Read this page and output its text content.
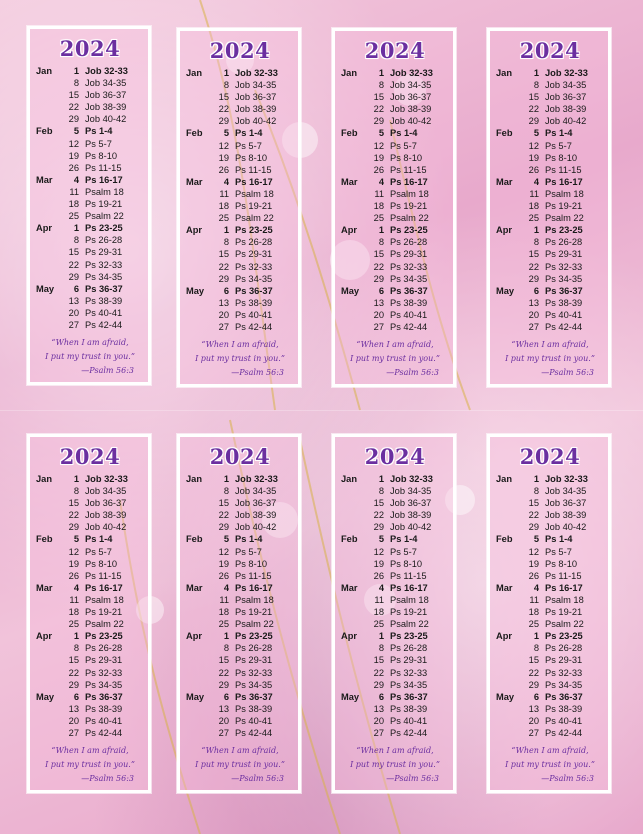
2024
Jan	1 Job 32-33
8 Job 34-35
15 Job 36-37
22 Job 38-39
29 Job 40-42
Feb	5 Ps 1-4
12 Ps 5-7
19 Ps 8-10
26 Ps 11-15
Mar	4 Ps 16-17
11 Psalm 18
18 Ps 19-21
25 Psalm 22
Apr	1 Ps 23-25
8 Ps 26-28
15 Ps 29-31
22 Ps 32-33
29 Ps 34-35
May	6 Ps 36-37
13 Ps 38-39
20 Ps 40-41
27 Ps 42-44
“When I am afraid,
I put my trust in you.”
—Psalm 56:3
2024
Jan	1 Job 32-33
8 Job 34-35
15 Job 36-37
22 Job 38-39
29 Job 40-42
Feb	5 Ps 1-4
12 Ps 5-7
19 Ps 8-10
26 Ps 11-15
Mar	4 Ps 16-17
11 Psalm 18
18 Ps 19-21
25 Psalm 22
Apr	1 Ps 23-25
8 Ps 26-28
15 Ps 29-31
22 Ps 32-33
29 Ps 34-35
May	6 Ps 36-37
13 Ps 38-39
20 Ps 40-41
27 Ps 42-44
“When I am afraid,
I put my trust in you.”
—Psalm 56:3
2024
Jan	1 Job 32-33
8 Job 34-35
15 Job 36-37
22 Job 38-39
29 Job 40-42
Feb	5 Ps 1-4
12 Ps 5-7
19 Ps 8-10
26 Ps 11-15
Mar	4 Ps 16-17
11 Psalm 18
18 Ps 19-21
25 Psalm 22
Apr	1 Ps 23-25
8 Ps 26-28
15 Ps 29-31
22 Ps 32-33
29 Ps 34-35
May	6 Ps 36-37
13 Ps 38-39
20 Ps 40-41
27 Ps 42-44
“When I am afraid,
I put my trust in you.”
—Psalm 56:3
2024
Jan	1 Job 32-33
8 Job 34-35
15 Job 36-37
22 Job 38-39
29 Job 40-42
Feb	5 Ps 1-4
12 Ps 5-7
19 Ps 8-10
26 Ps 11-15
Mar	4 Ps 16-17
11 Psalm 18
18 Ps 19-21
25 Psalm 22
Apr	1 Ps 23-25
8 Ps 26-28
15 Ps 29-31
22 Ps 32-33
29 Ps 34-35
May	6 Ps 36-37
13 Ps 38-39
20 Ps 40-41
27 Ps 42-44
“When I am afraid,
I put my trust in you.”
—Psalm 56:3
2024
Jan	1 Job 32-33
8 Job 34-35
15 Job 36-37
22 Job 38-39
29 Job 40-42
Feb	5 Ps 1-4
12 Ps 5-7
19 Ps 8-10
26 Ps 11-15
Mar	4 Ps 16-17
11 Psalm 18
18 Ps 19-21
25 Psalm 22
Apr	1 Ps 23-25
8 Ps 26-28
15 Ps 29-31
22 Ps 32-33
29 Ps 34-35
May	6 Ps 36-37
13 Ps 38-39
20 Ps 40-41
27 Ps 42-44
“When I am afraid,
I put my trust in you.”
—Psalm 56:3
2024
Jan	1 Job 32-33
8 Job 34-35
15 Job 36-37
22 Job 38-39
29 Job 40-42
Feb	5 Ps 1-4
12 Ps 5-7
19 Ps 8-10
26 Ps 11-15
Mar	4 Ps 16-17
11 Psalm 18
18 Ps 19-21
25 Psalm 22
Apr	1 Ps 23-25
8 Ps 26-28
15 Ps 29-31
22 Ps 32-33
29 Ps 34-35
May	6 Ps 36-37
13 Ps 38-39
20 Ps 40-41
27 Ps 42-44
“When I am afraid,
I put my trust in you.”
—Psalm 56:3
2024
Jan	1 Job 32-33
8 Job 34-35
15 Job 36-37
22 Job 38-39
29 Job 40-42
Feb	5 Ps 1-4
12 Ps 5-7
19 Ps 8-10
26 Ps 11-15
Mar	4 Ps 16-17
11 Psalm 18
18 Ps 19-21
25 Psalm 22
Apr	1 Ps 23-25
8 Ps 26-28
15 Ps 29-31
22 Ps 32-33
29 Ps 34-35
May	6 Ps 36-37
13 Ps 38-39
20 Ps 40-41
27 Ps 42-44
“When I am afraid,
I put my trust in you.”
—Psalm 56:3
2024
Jan	1 Job 32-33
8 Job 34-35
15 Job 36-37
22 Job 38-39
29 Job 40-42
Feb	5 Ps 1-4
12 Ps 5-7
19 Ps 8-10
26 Ps 11-15
Mar	4 Ps 16-17
11 Psalm 18
18 Ps 19-21
25 Psalm 22
Apr	1 Ps 23-25
8 Ps 26-28
15 Ps 29-31
22 Ps 32-33
29 Ps 34-35
May	6 Ps 36-37
13 Ps 38-39
20 Ps 40-41
27 Ps 42-44
“When I am afraid,
I put my trust in you.”
—Psalm 56:3
